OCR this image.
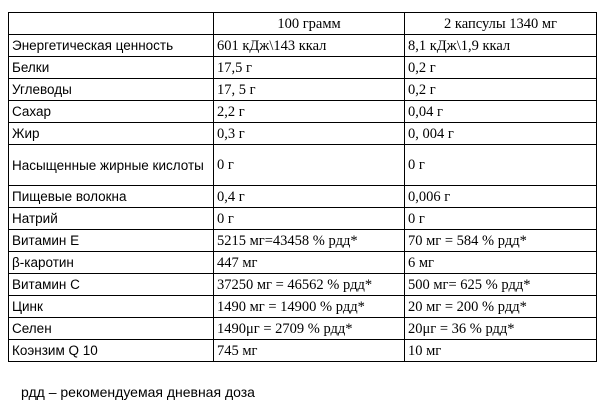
	100 грамм	2 капсулы 1340 мг
Энергетическая ценность	601 кДж\143 ккал	8,1 кДж\1,9 ккал
Белки	17,5 г	0,2 г
Углеводы	17, 5 г	0,2 г
Сахар	2,2 г	0,04 г
Жир	0,3 г	0, 004 г
Насыщенные жирные кислоты	0 г	0 г
Пищевые волокна	0,4 г	0,006 г
Натрий	0 г	0 г
Витамин E	5215 мг=43458 % рдд*	70 мг = 584 % рдд*
β-каротин	447 мг	6 мг
Витамин C	37250 мг = 46562 % рдд*	500 мг= 625 % рдд*
Цинк	1490 мг = 14900 % рдд*	20 мг = 200 % рдд*
Селен	1490μг = 2709 % рдд*	20μг = 36 % рдд*
Коэнзим Q 10	745 мг	10 мг
рдд – рекомендуемая дневная доза
